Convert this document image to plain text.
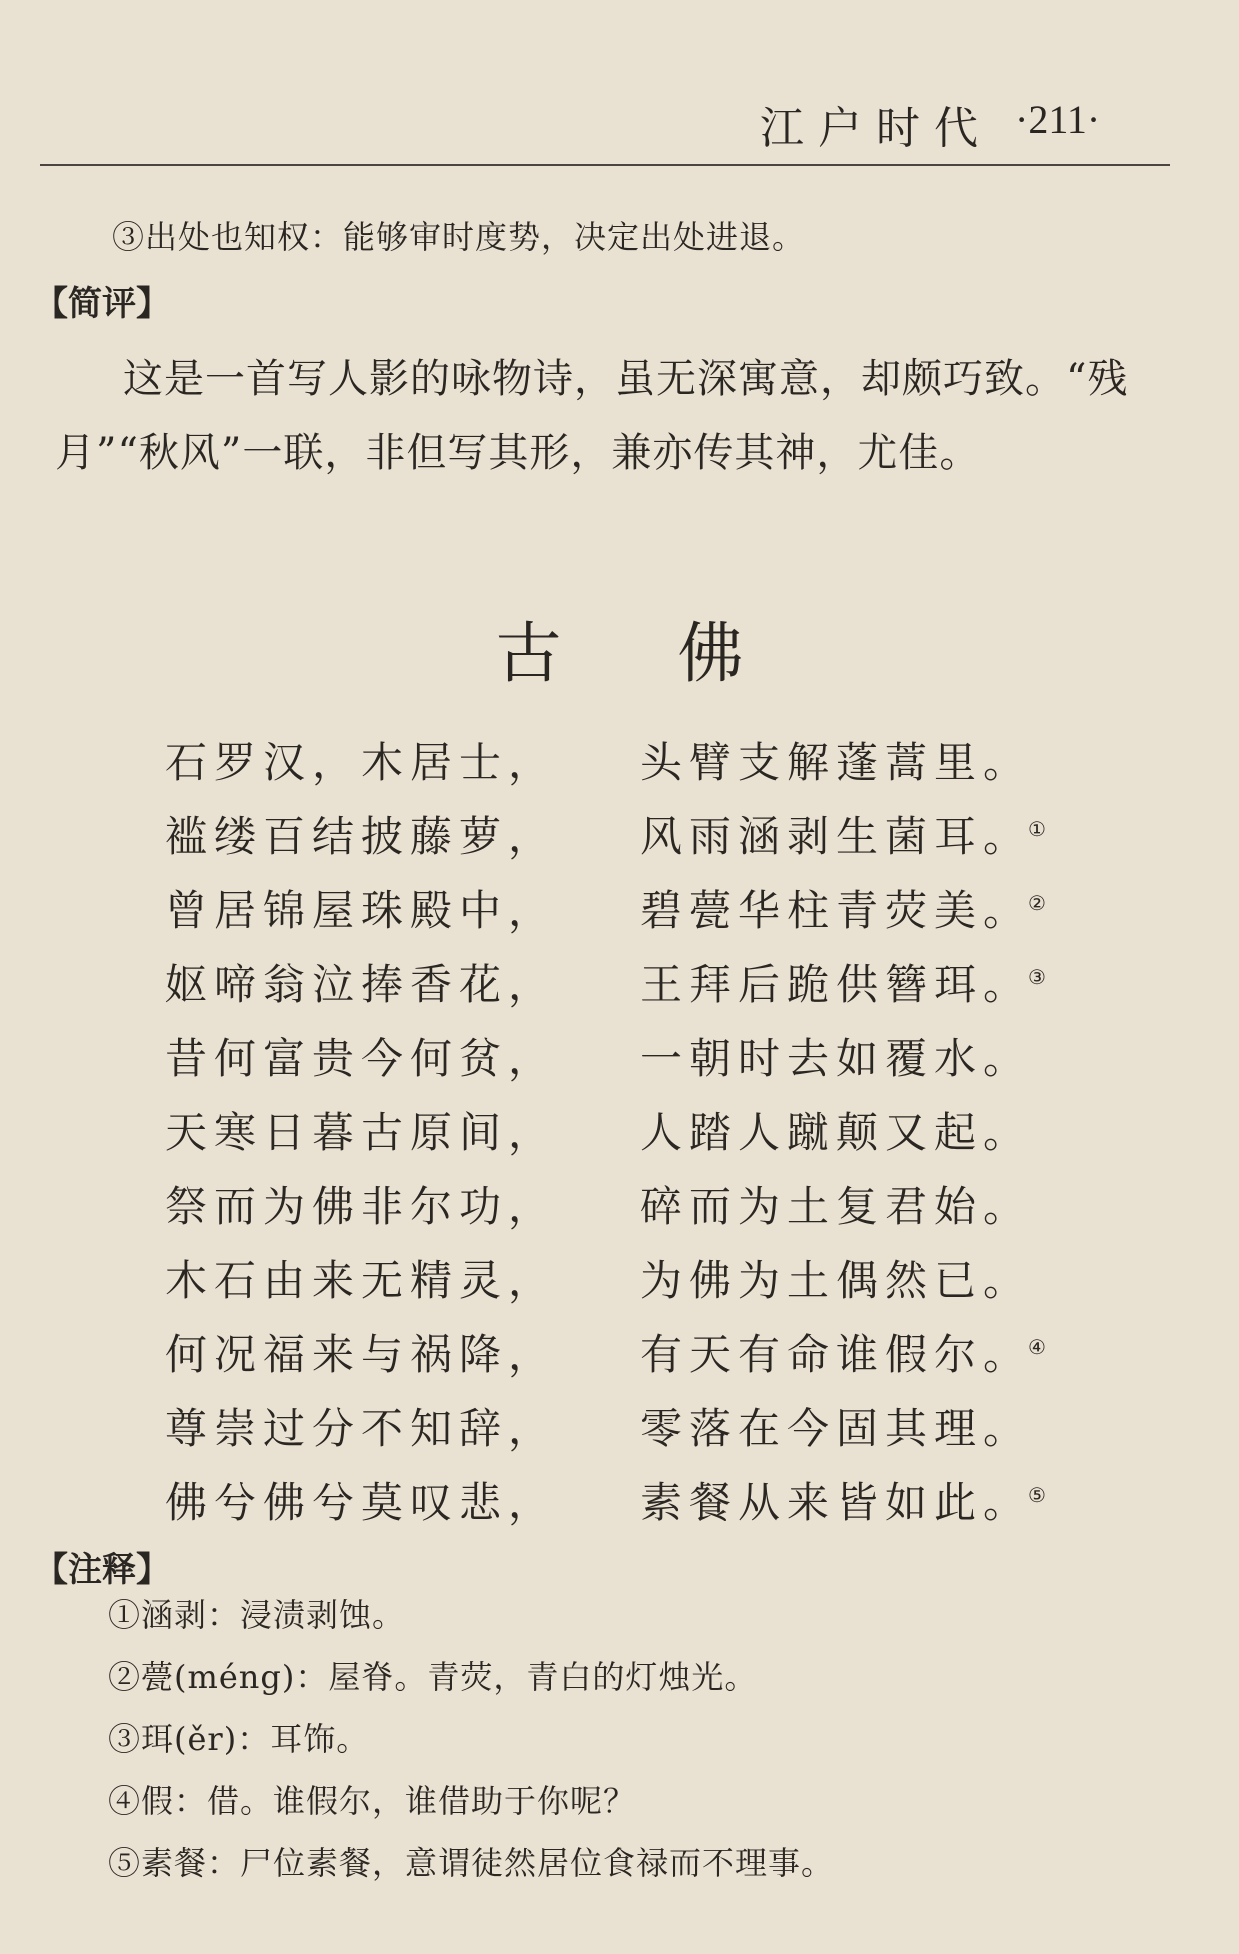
江户时代 ·211·
③出处也知权：能够审时度势，决定出处进退。
【简评】
这是一首写人影的咏物诗，虽无深寓意，却颇巧致。“残月”“秋风”一联，非但写其形，兼亦传其神，尤佳。
古 佛
石罗汉，木居士， 头臂支解蓬蒿里。
褴缕百结披藤萝， 风雨涵剥生菌耳。①
曾居锦屋珠殿中， 碧甍华柱青荧美。②
妪啼翁泣捧香花， 王拜后跪供簪珥。③
昔何富贵今何贫， 一朝时去如覆水。
天寒日暮古原间， 人踏人蹴颠又起。
祭而为佛非尔功， 碎而为土复君始。
木石由来无精灵， 为佛为土偶然已。
何况福来与祸降， 有天有命谁假尔。④
尊崇过分不知辞， 零落在今固其理。
佛兮佛兮莫叹悲， 素餐从来皆如此。⑤
【注释】
①涵剥：浸渍剥蚀。
②甍(méng)：屋脊。青荧，青白的灯烛光。
③珥(ěr)：耳饰。
④假：借。谁假尔，谁借助于你呢？
⑤素餐：尸位素餐，意谓徒然居位食禄而不理事。
